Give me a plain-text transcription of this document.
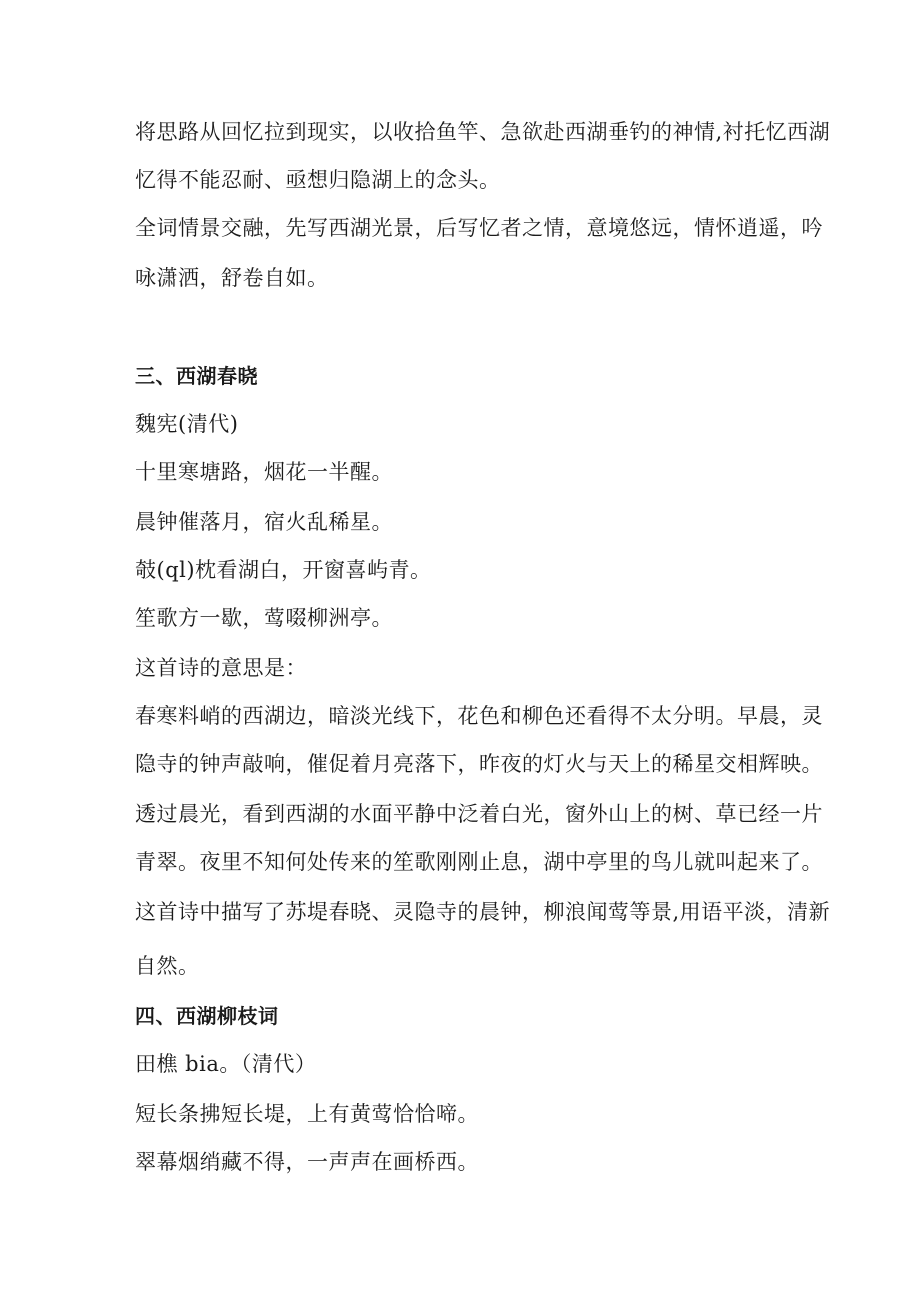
将思路从回忆拉到现实，以收拾鱼竿、急欲赴西湖垂钓的神情,衬托忆西湖
忆得不能忍耐、亟想归隐湖上的念头。
全词情景交融，先写西湖光景，后写忆者之情，意境悠远，情怀逍遥，吟
咏潇洒，舒卷自如。
三、西湖春晓
魏宪(清代)
十里寒塘路，烟花一半醒。
晨钟催落月，宿火乱稀星。
攲(ql)枕看湖白，开窗喜屿青。
笙歌方一歇，莺啜柳洲亭。
这首诗的意思是：
春寒料峭的西湖边，暗淡光线下，花色和柳色还看得不太分明。早晨，灵
隐寺的钟声敲响，催促着月亮落下，昨夜的灯火与天上的稀星交相辉映。
透过晨光，看到西湖的水面平静中泛着白光，窗外山上的树、草已经一片
青翠。夜里不知何处传来的笙歌刚刚止息，湖中亭里的鸟儿就叫起来了。
这首诗中描写了苏堤春晓、灵隐寺的晨钟，柳浪闻莺等景,用语平淡，清新
自然。
四、西湖柳枝词
田樵 bia。（清代）
短长条拂短长堤，上有黄莺恰恰啼。
翠幕烟绡藏不得，一声声在画桥西。
